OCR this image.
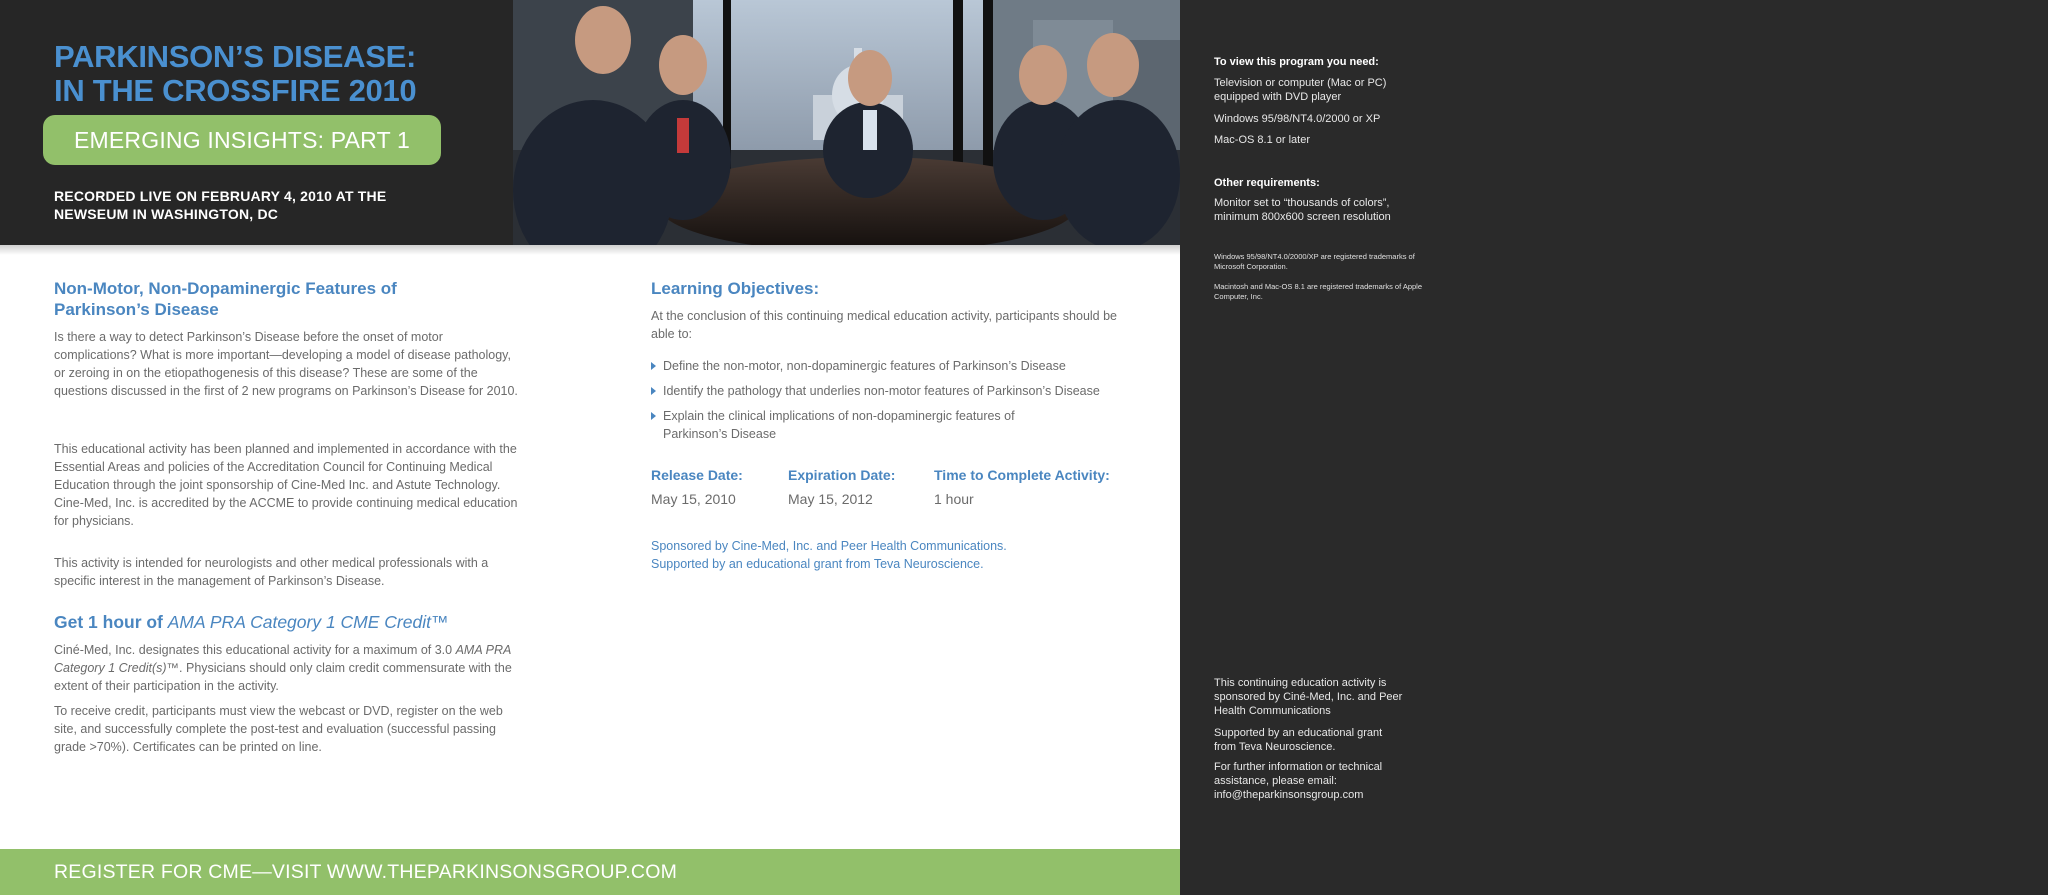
PARKINSON’S DISEASE:
IN THE CROSSFIRE 2010
EMERGING INSIGHTS: PART 1
RECORDED LIVE ON FEBRUARY 4, 2010 AT THE NEWSEUM IN WASHINGTON, DC
Non-Motor, Non-Dopaminergic Features of
Parkinson’s Disease
Is there a way to detect Parkinson’s Disease before the onset of motor complications? What is more important—developing a model of disease pathology, or zeroing in on the etiopathogenesis of this disease? These are some of the questions discussed in the first of 2 new programs on Parkinson’s Disease for 2010.
This educational activity has been planned and implemented in accordance with the Essential Areas and policies of the Accreditation Council for Continuing Medical Education through the joint sponsorship of Cine-Med Inc. and Astute Technology. Cine-Med, Inc. is accredited by the ACCME to provide continuing medical education for physicians.
This activity is intended for neurologists and other medical professionals with a specific interest in the management of Parkinson’s Disease.
Get 1 hour of AMA PRA Category 1 CME Credit™
Ciné-Med, Inc. designates this educational activity for a maximum of 3.0 AMA PRA Category 1 Credit(s)™. Physicians should only claim credit commensurate with the extent of their participation in the activity.
To receive credit, participants must view the webcast or DVD, register on the web site, and successfully complete the post-test and evaluation (successful passing grade >70%). Certificates can be printed on line.
Learning Objectives:
At the conclusion of this continuing medical education activity, participants should be able to:
Define the non-motor, non-dopaminergic features of Parkinson’s Disease
Identify the pathology that underlies non-motor features of Parkinson’s Disease
Explain the clinical implications of non-dopaminergic features of Parkinson’s Disease
Release Date:
May 15, 2010
Expiration Date:
May 15, 2012
Time to Complete Activity:
1 hour
Sponsored by Cine-Med, Inc. and Peer Health Communications.
Supported by an educational grant from Teva Neuroscience.
REGISTER FOR CME—VISIT WWW.THEPARKINSONSGROUP.COM
To view this program you need:
Television or computer (Mac or PC) equipped with DVD player
Windows 95/98/NT4.0/2000 or XP
Mac-OS 8.1 or later
Other requirements:
Monitor set to “thousands of colors”, minimum 800x600 screen resolution
Windows 95/98/NT4.0/2000/XP are registered trademarks of Microsoft Corporation.
Macintosh and Mac-OS 8.1 are registered trademarks of Apple Computer, Inc.
This continuing education activity is sponsored by Ciné-Med, Inc. and Peer Health Communications
Supported by an educational grant from Teva Neuroscience.
For further information or technical assistance, please email: info@theparkinsonsgroup.com
